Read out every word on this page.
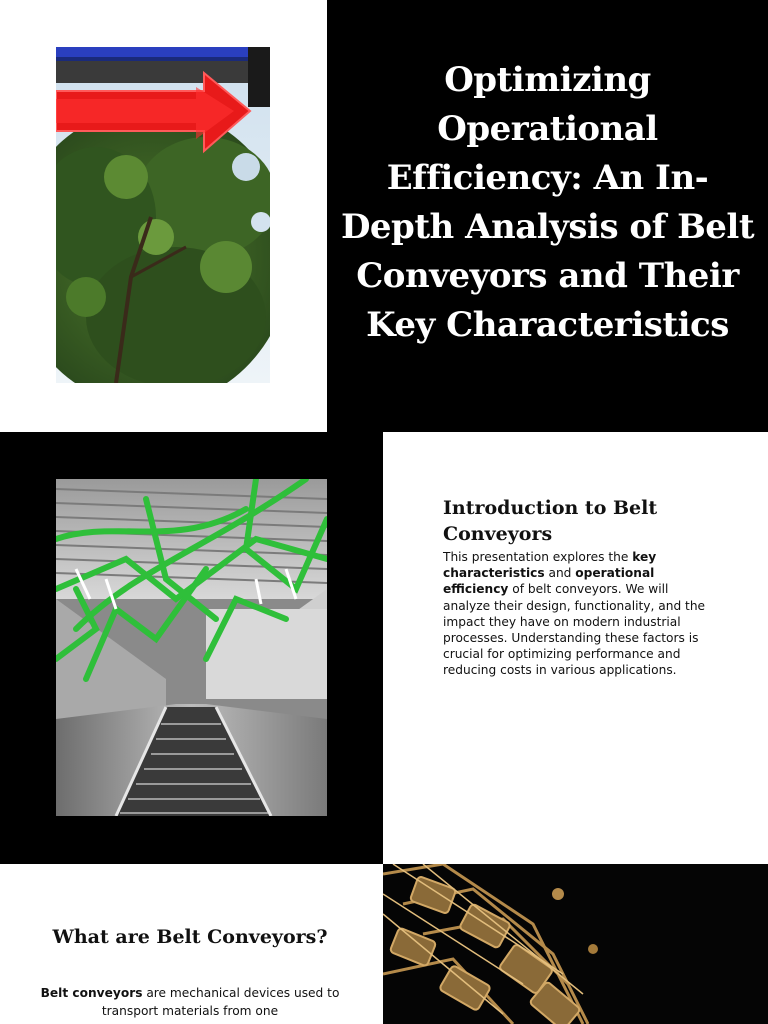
Optimizing Operational Efficiency: An In-Depth Analysis of Belt Conveyors and Their Key Characteristics
Introduction to Belt Conveyors

This presentation explores the key characteristics and operational efficiency of belt conveyors. We will analyze their design, functionality, and the impact they have on modern industrial processes. Understanding these factors is crucial for optimizing performance and reducing costs in various applications.

What are Belt Conveyors?

Belt conveyors are mechanical devices used to transport materials from one
